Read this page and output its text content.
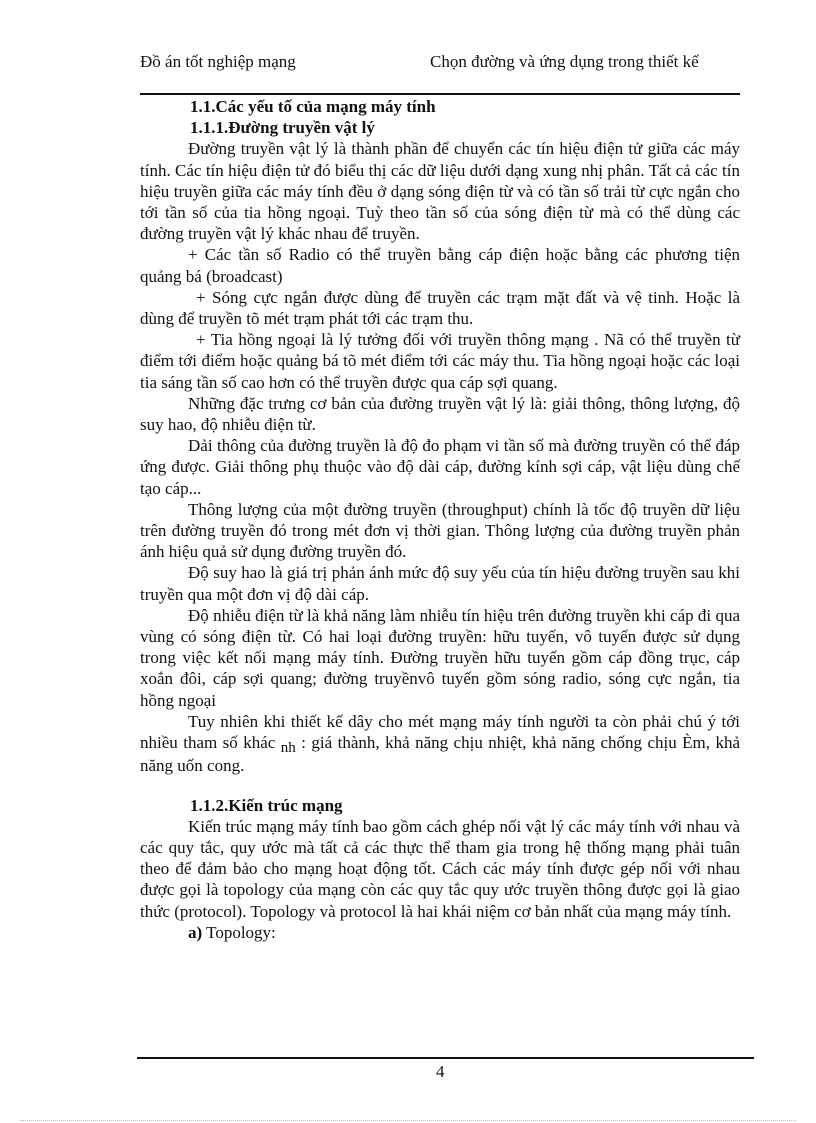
Đồ án tốt nghiệp mạng	Chọn đường và ứng dụng trong thiết kế

1.1.Các yếu tố của mạng máy tính

1.1.1.Đường truyền vật lý

Đường truyền vật lý là thành phần để chuyển các tín hiệu điện tử giữa các máy tính. Các tín hiệu điện tử đó biểu thị các dữ liệu dưới dạng xung nhị phân. Tất cả các tín hiệu truyền giữa các máy tính đều ở dạng sóng điện từ và có tần số trải từ cực ngắn cho tới tần số của tia hồng ngoại. Tuỳ theo tần số của sóng điện từ mà có thể dùng các đường truyền vật lý khác nhau để truyền.

+ Các tần số Radio có thể truyền bằng cáp điện hoặc bằng các phương tiện quảng bá (broadcast)

+ Sóng cực ngắn được dùng để truyền các trạm mặt đất và vệ tinh. Hoặc là dùng để truyền tõ mét trạm phát tới các trạm thu.

+ Tia hồng ngoại là lý tưởng đối với truyền thông mạng . Nã có thể truyền từ điểm tới điểm hoặc quảng bá tõ mét điểm tới các máy thu. Tia hồng ngoại hoặc các loại tia sáng tần số cao hơn có thể truyền được qua cáp sợi quang.

Những đặc trưng cơ bản của đường truyền vật lý là: giải thông, thông lượng, độ suy hao, độ nhiễu điện từ.

Dải thông của đường truyền là độ đo phạm vi tần số mà đường truyền có thể đáp ứng được. Giải thông phụ thuộc vào độ dài cáp, đường kính sợi cáp, vật liệu dùng chế tạo cáp...

Thông lượng của một đường truyền (throughput) chính là tốc độ truyền dữ liệu trên đường truyền đó trong mét đơn vị thời gian. Thông lượng của đường truyền phản ánh hiệu quả sử dụng đường truyền đó.

Độ suy hao là giá trị phản ánh mức độ suy yếu của tín hiệu đường truyền sau khi truyền qua một đơn vị độ dài cáp.

Độ nhiễu điện từ là khả năng làm nhiễu tín hiệu trên đường truyền khi cáp đi qua vùng có sóng điện từ. Có hai loại đường truyền: hữu tuyến, vô tuyến được sử dụng trong việc kết nối mạng máy tính. Đường truyền hữu tuyến gồm cáp đồng trục, cáp xoắn đôi, cáp sợi quang; đường truyềnvô tuyến gồm sóng radio, sóng cực ngắn, tia hồng ngoại

Tuy nhiên khi thiết kế dây cho mét mạng máy tính người ta còn phải chú ý tới nhiều tham số khác nh : giá thành, khả năng chịu nhiệt, khả năng chống chịu Èm, khả năng uốn cong.

1.1.2.Kiến trúc mạng

Kiến trúc mạng máy tính bao gồm cách ghép nối vật lý các máy tính với nhau và các quy tắc, quy ước mà tất cả các thực thể tham gia trong hệ thống mạng phải tuân theo để đảm bảo cho mạng hoạt động tốt. Cách các máy tính được gép nối với nhau được gọi là topology của mạng còn các quy tắc quy ước truyền thông được gọi là giao thức (protocol). Topology và protocol là hai khái niệm cơ bản nhất của mạng máy tính.

a) Topology:

4
